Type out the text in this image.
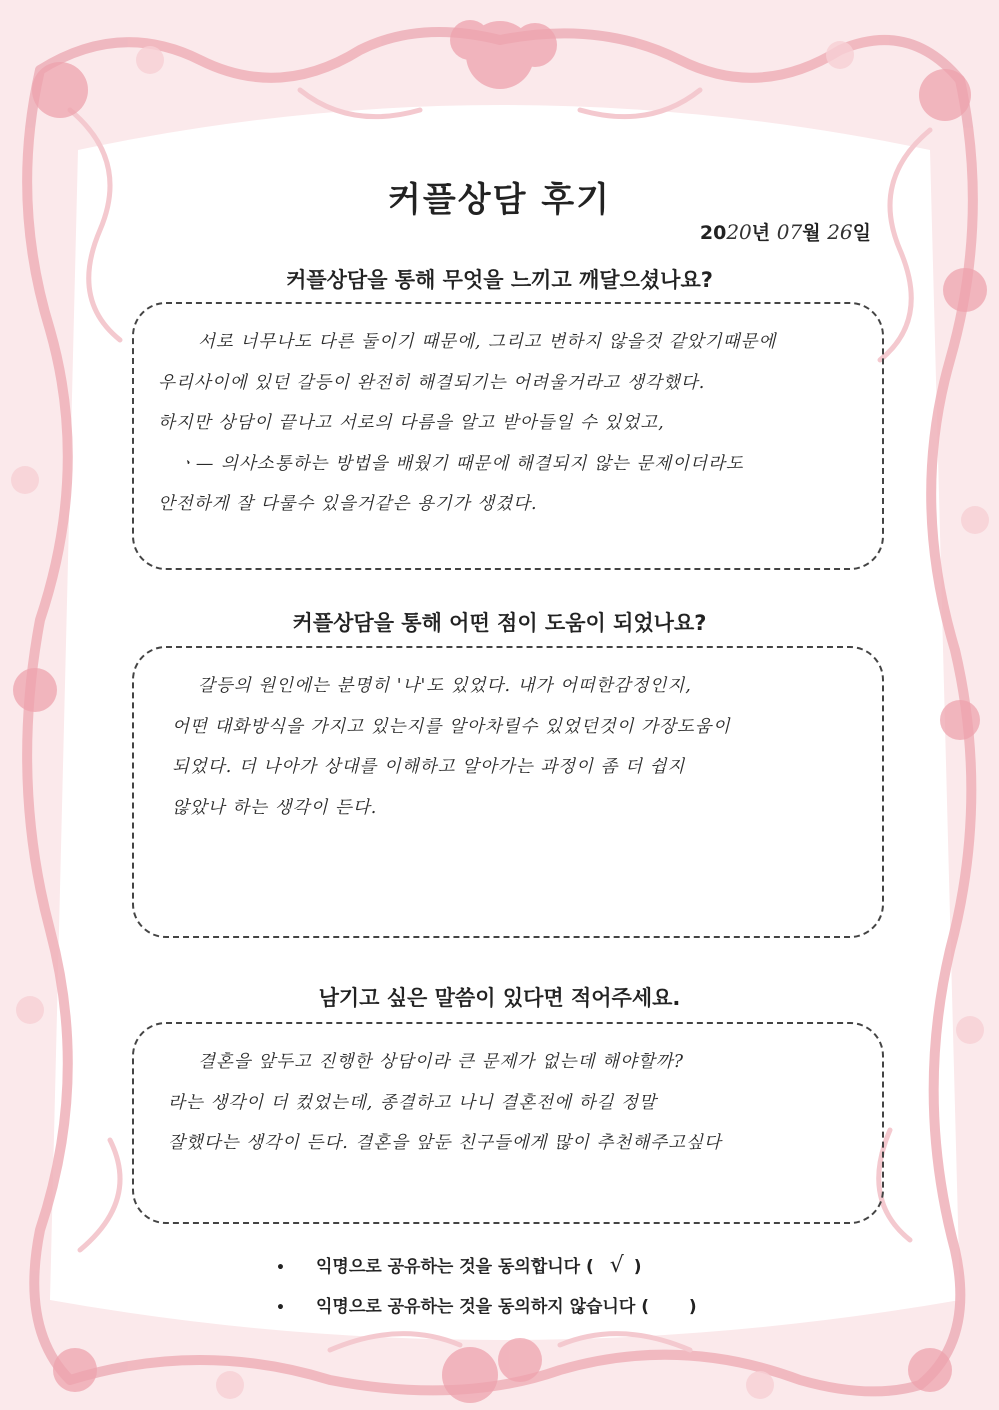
커플상담 후기
2020년 07월 26일
커플상담을 통해 무엇을 느끼고 깨달으셨나요?

서로 너무나도 다른 둘이기 때문에, 그리고 변하지 않을것 같았기때문에

우리사이에 있던 갈등이 완전히 해결되기는 어려울거라고 생각했다.

하지만 상담이 끝나고 서로의 다름을 알고 받아들일 수 있었고,

ㆍ— 의사소통하는 방법을 배웠기 때문에 해결되지 않는 문제이더라도

안전하게 잘 다룰수 있을거같은 용기가 생겼다.

커플상담을 통해 어떤 점이 도움이 되었나요?

갈등의 원인에는 분명히 '나'도 있었다. 내가 어떠한감정인지,

어떤 대화방식을 가지고 있는지를 알아차릴수 있었던것이 가장도움이

되었다. 더 나아가 상대를 이해하고 알아가는 과정이 좀 더 쉽지

않았나 하는 생각이 든다.

남기고 싶은 말씀이 있다면 적어주세요.

결혼을 앞두고 진행한 상담이라 큰 문제가 없는데 해야할까?

라는 생각이 더 컸었는데, 종결하고 나니 결혼전에 하길 정말

잘했다는 생각이 든다. 결혼을 앞둔 친구들에게 많이 추천해주고싶다

• 익명으로 공유하는 것을 동의합니다 ( √ )
• 익명으로 공유하는 것을 동의하지 않습니다 ( )
